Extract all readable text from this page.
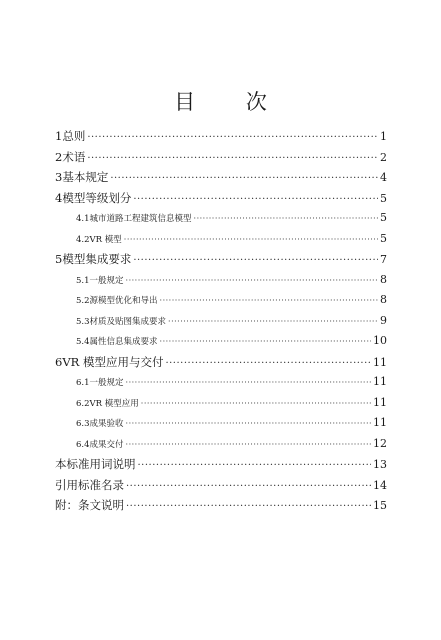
目 次
1 总则 ·····	1
2 术语 ·····	2
3 基本规定 ·····	4
4 模型等级划分 ·····	5
4.1 城市道路工程建筑信息模型 ·····	5
4.2 VR 模型 ·····	5
5 模型集成要求 ·····	7
5.1 一般规定 ·····	8
5.2 源模型优化和导出 ·····	8
5.3 材质及贴图集成要求 ·····	9
5.4 属性信息集成要求 ·····	10
6 VR 模型应用与交付 ·····	11
6.1 一般规定 ·····	11
6.2 VR 模型应用 ·····	11
6.3 成果验收 ·····	11
6.4 成果交付 ·····	12
本标准用词说明 ·····	13
引用标准名录 ·····	14
附：条文说明 ·····	15
